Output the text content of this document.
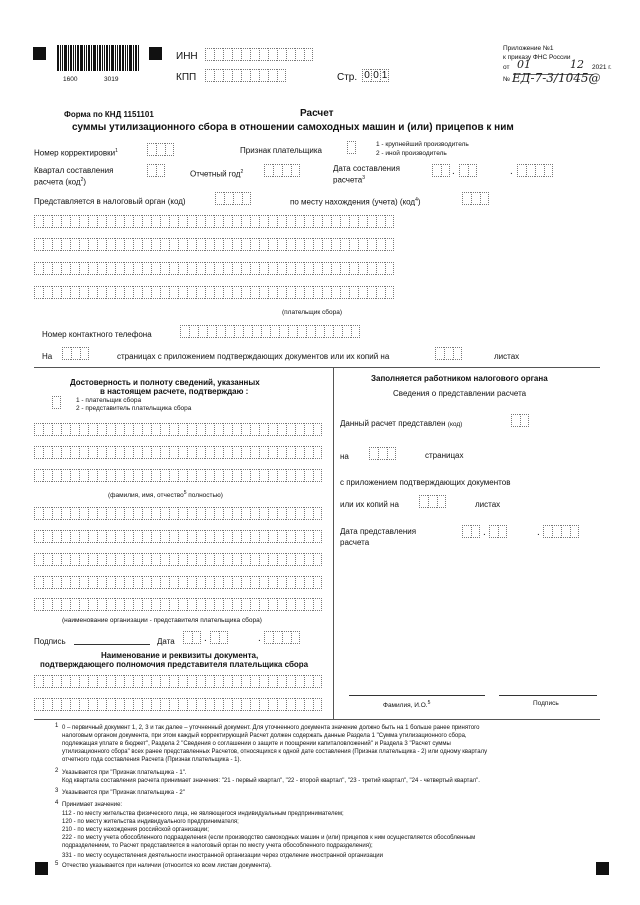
1600	3019
ИНН
КПП	Стр. 0 0 1
Приложение №1
к приказу ФНС России
от 01	12 2021 г.
№ ЕД-7-3/1045@
Форма по КНД 1151101	Расчет
суммы утилизационного сбора в отношении самоходных машин и (или) прицепов к ним
Номер корректировки$^1$	Признак плательщика
1 - крупнейший производитель
2 - иной производитель
Квартал составления
расчета (код$^2$)
Отчетный год$^2$	Дата составления
расчета$^3$
.	.
Представляется в налоговый орган (код)	по месту нахождения (учета) (код$^4$)
(плательщик сбора)
Номер контактного телефона
На	страницах с приложением подтверждающих документов или их копий на	листах
Достоверность и полноту сведений, указанных
в настоящем расчете, подтверждаю :
1 - плательщик сбора
2 - представитель плательщика сбора
(фамилия, имя, отчество$^5$ полностью)
(наименование организации - представителя плательщика сбора)
Подпись	Дата	.	.
Наименование и реквизиты документа,
подтверждающего полномочия представителя плательщика сбора
Заполняется работником налогового органа
Сведения о представлении расчета
Данный расчет представлен (код)
на	страницах
с приложением подтверждающих документов
или их копий на	листах
Дата представления
расчета
.	.
Фамилия, И.О.$^5$	Подпись
1 0 – первичный документ 1, 2, 3 и так далее – уточненный документ. Для уточненного документа значение должно быть на 1 больше ранее принятого
налоговым органом документа, при этом каждый корректирующий Расчет должен содержать данные Раздела 1 "Сумма утилизационного сбора,
подлежащая уплате в бюджет", Раздела 2 "Сведения о соглашении о защите и поощрении капиталовложений" и Раздела 3 "Расчет суммы
утилизационного сбора" всех ранее представленных Расчетов, относящихся к одной дате составления (Признак плательщика - 2) или одному кварталу
отчетного года составления Расчета (Признак плательщика - 1).
2 Указывается при "Признак плательщика - 1".
Код квартала составления расчета принимает значения: "21 - первый квартал", "22 - второй квартал", "23 - третий квартал", "24 - четвертый квартал".
3 Указывается при "Признак плательщика - 2"
4 Принимает значение:
112 - по месту жительства физического лица, не являющегося индивидуальным предпринимателем;
120 - по месту жительства индивидуального предпринимателя;
210 - по месту нахождения российской организации;
222 - по месту учета обособленного подразделения (если производство самоходных машин и (или) прицепов к ним осуществляется обособленным
подразделением, то Расчет представляется в налоговый орган по месту учета обособленного подразделения);
331 - по месту осуществления деятельности иностранной организации через отделение иностранной организации
5 Отчество указывается при наличии (относится ко всем листам документа).
